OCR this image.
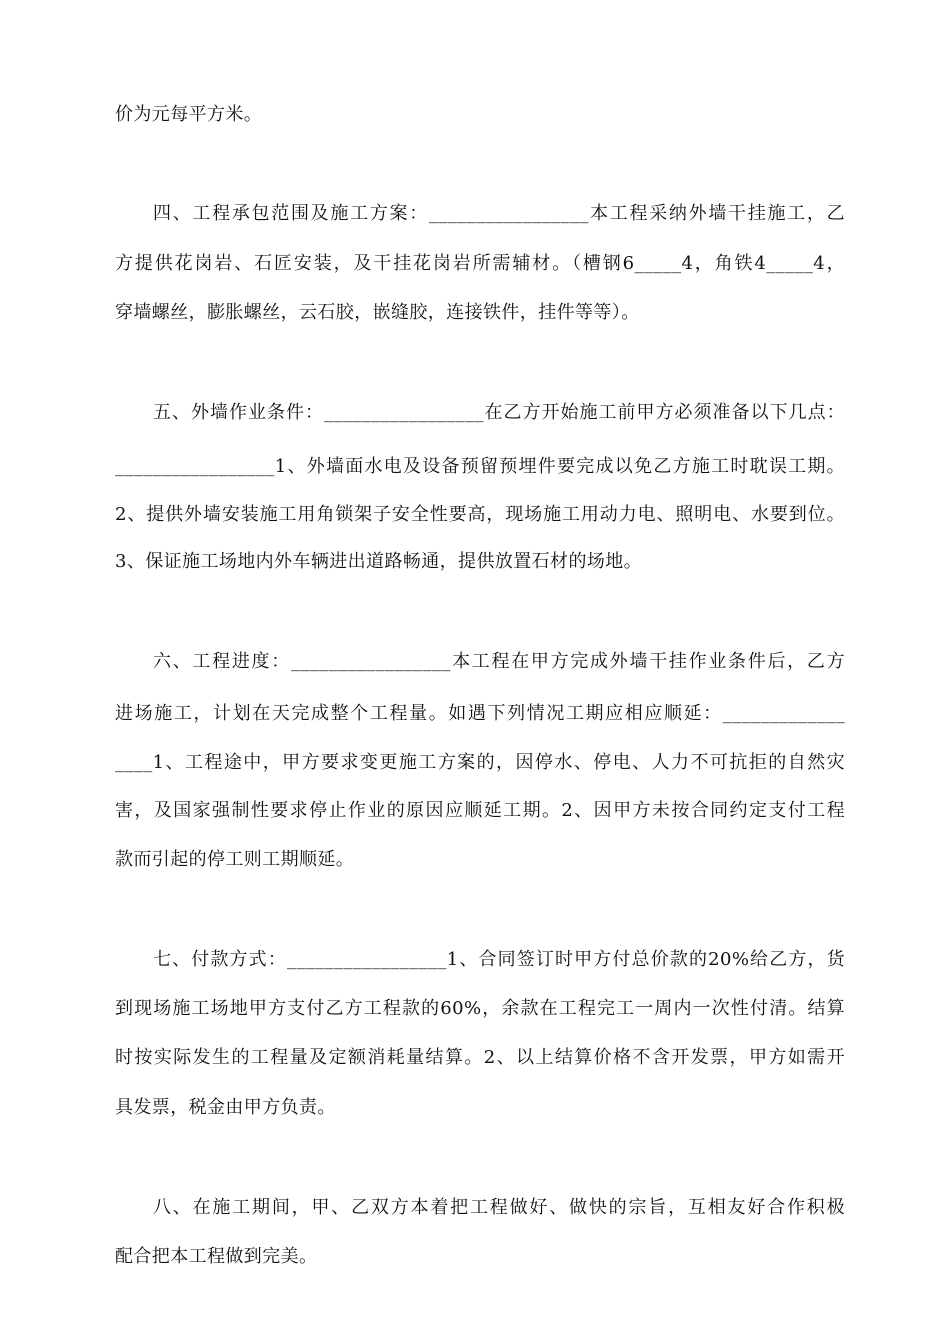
价为元每平方米。
四、工程承包范围及施工方案：_________________本工程采纳外墙干挂施工，乙
方提供花岗岩、石匠安装，及干挂花岗岩所需辅材。（槽钢6_____4，角铁4_____4，
穿墙螺丝，膨胀螺丝，云石胶，嵌缝胶，连接铁件，挂件等等）。
五、外墙作业条件：_________________在乙方开始施工前甲方必须准备以下几点：
_________________1、外墙面水电及设备预留预埋件要完成以免乙方施工时耽误工期。
2、提供外墙安装施工用角锁架子安全性要高，现场施工用动力电、照明电、水要到位。
3、保证施工场地内外车辆进出道路畅通，提供放置石材的场地。
六、工程进度：_________________本工程在甲方完成外墙干挂作业条件后，乙方
进场施工，计划在天完成整个工程量。如遇下列情况工期应相应顺延：_____________
____1、工程途中，甲方要求变更施工方案的，因停水、停电、人力不可抗拒的自然灾
害，及国家强制性要求停止作业的原因应顺延工期。2、因甲方未按合同约定支付工程
款而引起的停工则工期顺延。
七、付款方式：_________________1、合同签订时甲方付总价款的20%给乙方，货
到现场施工场地甲方支付乙方工程款的60%，余款在工程完工一周内一次性付清。结算
时按实际发生的工程量及定额消耗量结算。2、以上结算价格不含开发票，甲方如需开
具发票，税金由甲方负责。
八、在施工期间，甲、乙双方本着把工程做好、做快的宗旨，互相友好合作积极
配合把本工程做到完美。
